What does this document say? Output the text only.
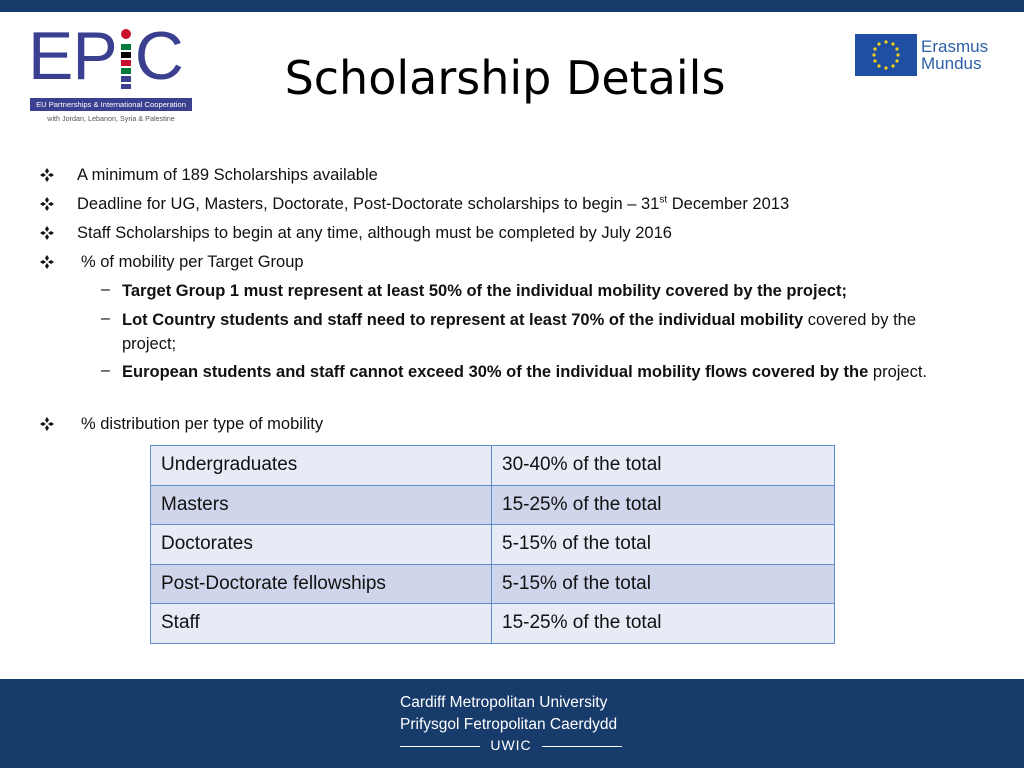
E P C
EU Partnerships & International Cooperation
with Jordan, Lebanon, Syria & Palestine
Scholarship Details
Erasmus
Mundus
A minimum of 189 Scholarships available
Deadline for UG, Masters, Doctorate, Post-Doctorate scholarships to begin – 31st December 2013
Staff Scholarships to begin at any time, although must be completed by July 2016
% of mobility per Target Group
– Target Group 1 must represent at least 50% of the individual mobility covered by the project;
– Lot Country students and staff need to represent at least 70% of the individual mobility covered by the project;
– European students and staff cannot exceed 30% of the individual mobility flows covered by the project.
% distribution per type of mobility
Undergraduates	30-40% of the total
Masters	15-25% of the total
Doctorates	5-15% of the total
Post-Doctorate fellowships	5-15% of the total
Staff	15-25% of the total
Cardiff Metropolitan University
Prifysgol Fetropolitan Caerdydd
UWIC
